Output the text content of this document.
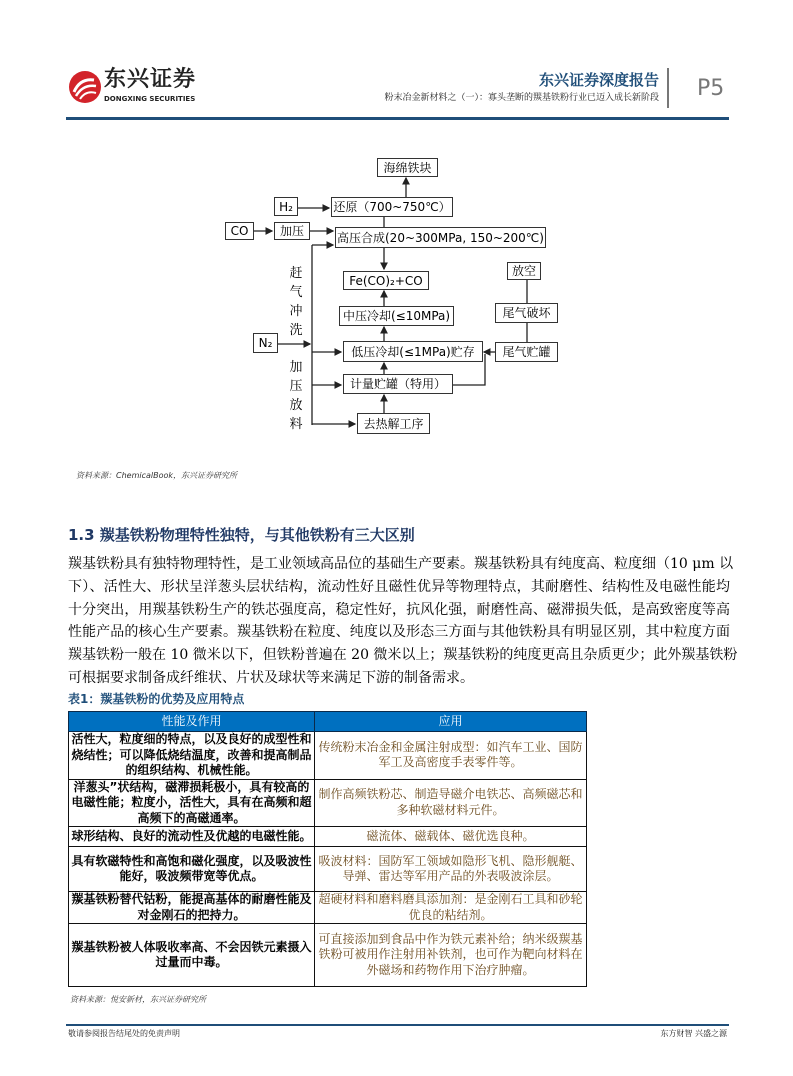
东兴证券
DONGXING SECURITIES
东兴证券深度报告
粉末冶金新材料之（一）：寡头垄断的羰基铁粉行业已迈入成长新阶段 P5
海绵铁块
H₂	还原（700~750℃）
CO	加压	高压合成(20~300MPa, 150~200℃)
放空
Fe(CO)₂+CO
中压冷却(≤10MPa)	尾气破坏
N₂
低压冷却(≤1MPa)贮存	尾气贮罐
计量贮罐（特用）
去热解工序
赶气冲洗
加压放料
资料来源：ChemicalBook，东兴证券研究所
1.3 羰基铁粉物理特性独特，与其他铁粉有三大区别
羰基铁粉具有独特物理特性，是工业领域高品位的基础生产要素。羰基铁粉具有纯度高、粒度细（10 μm 以
下）、活性大、形状呈洋葱头层状结构，流动性好且磁性优异等物理特点，其耐磨性、结构性及电磁性能均
十分突出，用羰基铁粉生产的铁芯强度高，稳定性好，抗风化强，耐磨性高、磁滞损失低，是高致密度等高
性能产品的核心生产要素。羰基铁粉在粒度、纯度以及形态三方面与其他铁粉具有明显区别，其中粒度方面
羰基铁粉一般在 10 微米以下，但铁粉普遍在 20 微米以上；羰基铁粉的纯度更高且杂质更少；此外羰基铁粉
可根据要求制备成纤维状、片状及球状等来满足下游的制备需求。
表1：羰基铁粉的优势及应用特点
性能及作用	应用
活性大，粒度细的特点，以及良好的成型性和烧结性；可以降低烧结温度，改善和提高制品的组织结构、机械性能。	传统粉末冶金和金属注射成型：如汽车工业、国防军工及高密度手表零件等。
洋葱头”状结构，磁滞损耗极小，具有较高的电磁性能；粒度小，活性大，具有在高频和超高频下的高磁通率。	制作高频铁粉芯、制造导磁介电铁芯、高频磁芯和多种软磁材料元件。
球形结构、良好的流动性及优越的电磁性能。	磁流体、磁载体、磁优选良种。
具有软磁特性和高饱和磁化强度，以及吸波性能好，吸波频带宽等优点。	吸波材料：国防军工领域如隐形飞机、隐形舰艇、导弹、雷达等军用产品的外表吸波涂层。
羰基铁粉替代钴粉，能提高基体的耐磨性能及对金刚石的把持力。	超硬材料和磨料磨具添加剂：是金刚石工具和砂轮优良的粘结剂。
羰基铁粉被人体吸收率高、不会因铁元素摄入过量而中毒。	可直接添加到食品中作为铁元素补给；纳米级羰基铁粉可被用作注射用补铁剂，也可作为靶向材料在外磁场和药物作用下治疗肿瘤。
资料来源：悦安新材，东兴证券研究所
敬请参阅报告结尾处的免责声明	东方财智 兴盛之源
